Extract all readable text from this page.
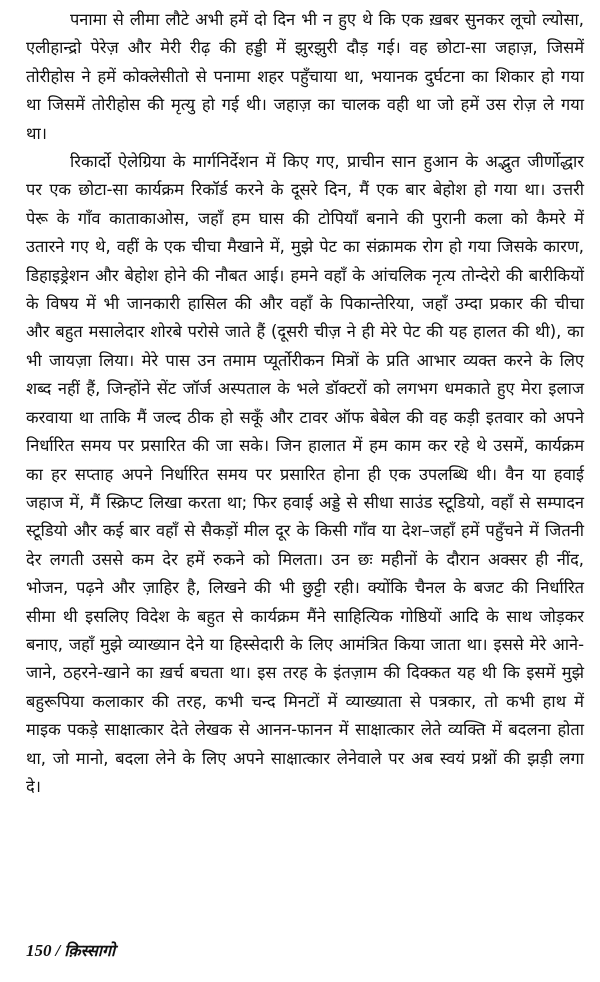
पनामा से लीमा लौटे अभी हमें दो दिन भी न हुए थे कि एक ख़बर सुनकर लूचो ल्योसा, एलीहान्द्रो पेरेज़ और मेरी रीढ़ की हड्डी में झुरझुरी दौड़ गई। वह छोटा-सा जहाज़, जिसमें तोरीहोस ने हमें कोक्लेसीतो से पनामा शहर पहुँचाया था, भयानक दुर्घटना का शिकार हो गया था जिसमें तोरीहोस की मृत्यु हो गई थी। जहाज़ का चालक वही था जो हमें उस रोज़ ले गया था।

रिकार्दो ऐलेग्रिया के मार्गनिर्देशन में किए गए, प्राचीन सान हुआन के अद्भुत जीर्णोद्धार पर एक छोटा-सा कार्यक्रम रिकॉर्ड करने के दूसरे दिन, मैं एक बार बेहोश हो गया था। उत्तरी पेरू के गाँव काताकाओस, जहाँ हम घास की टोपियाँ बनाने की पुरानी कला को कैमरे में उतारने गए थे, वहीं के एक चीचा मैखाने में, मुझे पेट का संक्रामक रोग हो गया जिसके कारण, डिहाइड्रेशन और बेहोश होने की नौबत आई। हमने वहाँ के आंचलिक नृत्य तोन्देरो की बारीकियों के विषय में भी जानकारी हासिल की और वहाँ के पिकान्तेरिया, जहाँ उम्दा प्रकार की चीचा और बहुत मसालेदार शोरबे परोसे जाते हैं (दूसरी चीज़ ने ही मेरे पेट की यह हालत की थी), का भी जायज़ा लिया। मेरे पास उन तमाम प्यूर्तोरीकन मित्रों के प्रति आभार व्यक्त करने के लिए शब्द नहीं हैं, जिन्होंने सेंट जॉर्ज अस्पताल के भले डॉक्टरों को लगभग धमकाते हुए मेरा इलाज करवाया था ताकि मैं जल्द ठीक हो सकूँ और टावर ऑफ बेबेल की वह कड़ी इतवार को अपने निर्धारित समय पर प्रसारित की जा सके। जिन हालात में हम काम कर रहे थे उसमें, कार्यक्रम का हर सप्ताह अपने निर्धारित समय पर प्रसारित होना ही एक उपलब्धि थी। वैन या हवाई जहाज में, मैं स्क्रिप्ट लिखा करता था; फिर हवाई अड्डे से सीधा साउंड स्टूडियो, वहाँ से सम्पादन स्टूडियो और कई बार वहाँ से सैकड़ों मील दूर के किसी गाँव या देश–जहाँ हमें पहुँचने में जितनी देर लगती उससे कम देर हमें रुकने को मिलता। उन छः महीनों के दौरान अक्सर ही नींद, भोजन, पढ़ने और ज़ाहिर है, लिखने की भी छुट्टी रही। क्योंकि चैनल के बजट की निर्धारित सीमा थी इसलिए विदेश के बहुत से कार्यक्रम मैंने साहित्यिक गोष्ठियों आदि के साथ जोड़कर बनाए, जहाँ मुझे व्याख्यान देने या हिस्सेदारी के लिए आमंत्रित किया जाता था। इससे मेरे आने-जाने, ठहरने-खाने का ख़र्च बचता था। इस तरह के इंतज़ाम की दिक्कत यह थी कि इसमें मुझे बहुरूपिया कलाकार की तरह, कभी चन्द मिनटों में व्याख्याता से पत्रकार, तो कभी हाथ में माइक पकड़े साक्षात्कार देते लेखक से आनन-फानन में साक्षात्कार लेते व्यक्ति में बदलना होता था, जो मानो, बदला लेने के लिए अपने साक्षात्कार लेनेवाले पर अब स्वयं प्रश्नों की झड़ी लगा दे।

150 / क़िस्सागो
